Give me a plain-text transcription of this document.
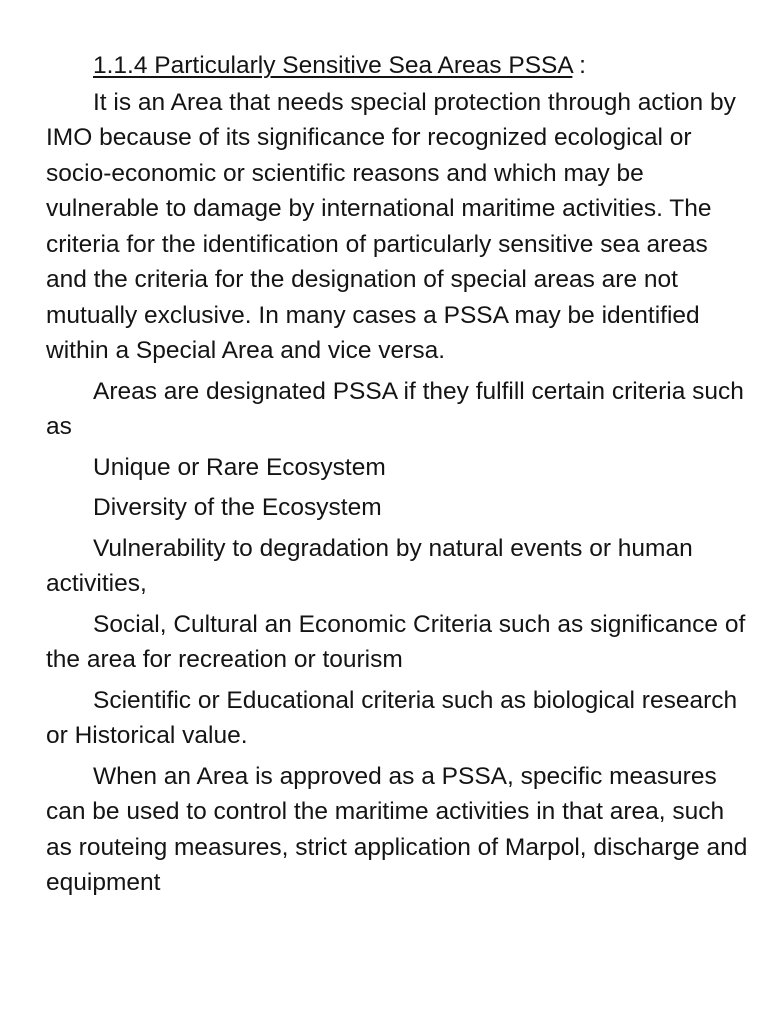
1.1.4 Particularly Sensitive Sea Areas PSSA :

It is an Area that needs special protection through action by IMO because of its significance for recognized ecological or socio-economic or scientific reasons and which may be vulnerable to damage by international maritime activities. The criteria for the identification of particularly sensitive sea areas and the criteria for the designation of special areas are not mutually exclusive. In many cases a PSSA may be identified within a Special Area and vice versa.

Areas are designated PSSA if they fulfill certain criteria such as

Unique or Rare Ecosystem

Diversity of the Ecosystem

Vulnerability to degradation by natural events or human activities,

Social, Cultural an Economic Criteria such as significance of the area for recreation or tourism

Scientific or Educational criteria such as biological research or Historical value.

When an Area is approved as a PSSA, specific measures can be used to control the maritime activities in that area, such as routeing measures, strict application of Marpol, discharge and equipment
